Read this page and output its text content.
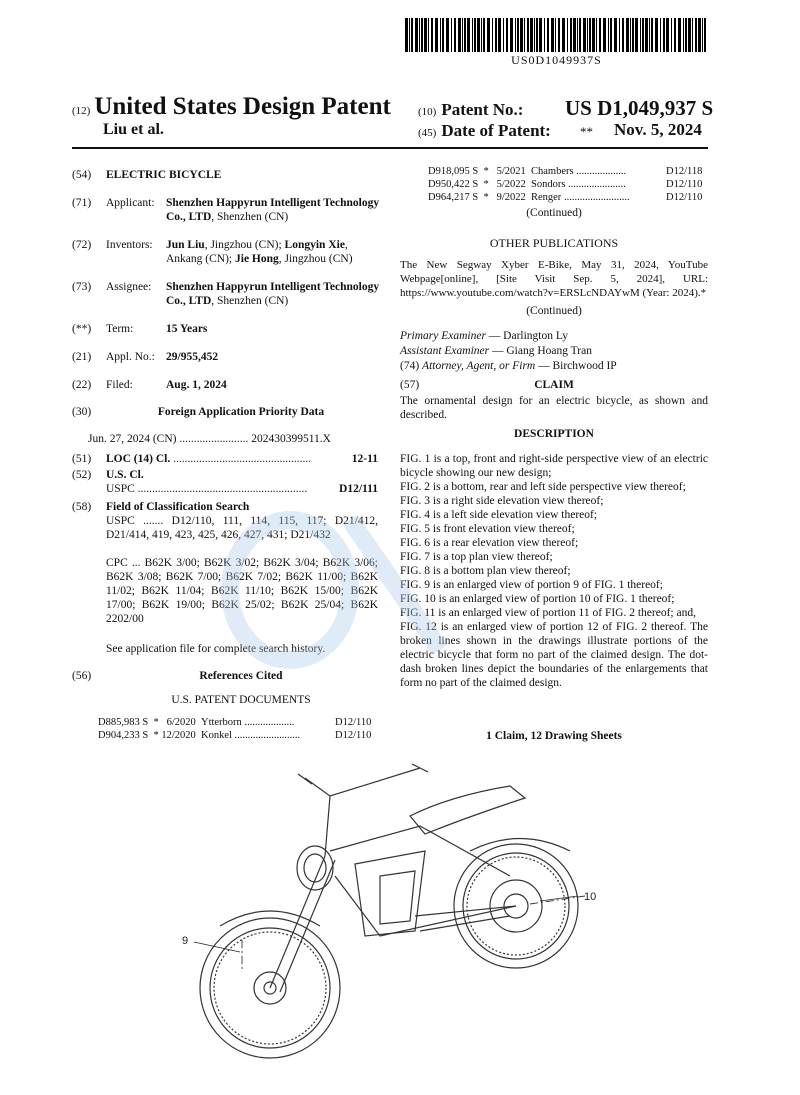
US0D1049937S
(12) United States Design Patent
Liu et al.
(10) Patent No.: US D1,049,937 S
(45) Date of Patent: ** Nov. 5, 2024
(54)	ELECTRIC BICYCLE
(71)	Applicant: Shenzhen Happyrun Intelligent Technology Co., LTD, Shenzhen (CN)
(72)	Inventors: Jun Liu, Jingzhou (CN); Longyin Xie, Ankang (CN); Jie Hong, Jingzhou (CN)
(73)	Assignee: Shenzhen Happyrun Intelligent Technology Co., LTD, Shenzhen (CN)
(**)	Term:	15 Years
(21)	Appl. No.: 29/955,452
(22)	Filed:	Aug. 1, 2024
(30)	Foreign Application Priority Data
Jun. 27, 2024 (CN) ........................ 202430399511.X
(51)	LOC (14) Cl. ................................................	12-11
(52)	U.S. Cl.
USPC ...........................................................	D12/111
(58)	Field of Classification Search
USPC ....... D12/110, 111, 114, 115, 117; D21/412, D21/414, 419, 423, 425, 426, 427, 431; D21/432
CPC ... B62K 3/00; B62K 3/02; B62K 3/04; B62K 3/06; B62K 3/08; B62K 7/00; B62K 7/02; B62K 11/00; B62K 11/02; B62K 11/04; B62K 11/10; B62K 15/00; B62K 17/00; B62K 19/00; B62K 25/02; B62K 25/04; B62K 2202/00
See application file for complete search history.
(56)	References Cited
U.S. PATENT DOCUMENTS
D885,983 S * 6/2020 Ytterborn ...................	D12/110
D904,233 S * 12/2020 Konkel .........................	D12/110
D918,095 S * 5/2021 Chambers ...................	D12/118
D950,422 S * 5/2022 Sondors ......................	D12/110
D964,217 S * 9/2022 Renger .........................	D12/110
(Continued)
OTHER PUBLICATIONS
The New Segway Xyber E-Bike, May 31, 2024, YouTube Webpage[online], [Site Visit Sep. 5, 2024], URL: https://www.youtube.com/watch?v=ERSLcNDAYwM (Year: 2024).*
(Continued)
Primary Examiner — Darlington Ly
Assistant Examiner — Giang Hoang Tran
(74) Attorney, Agent, or Firm — Birchwood IP
(57)	CLAIM
The ornamental design for an electric bicycle, as shown and described.
DESCRIPTION
FIG. 1 is a top, front and right-side perspective view of an electric bicycle showing our new design;
FIG. 2 is a bottom, rear and left side perspective view thereof;
FIG. 3 is a right side elevation view thereof;
FIG. 4 is a left side elevation view thereof;
FIG. 5 is front elevation view thereof;
FIG. 6 is a rear elevation view thereof;
FIG. 7 is a top plan view thereof;
FIG. 8 is a bottom plan view thereof;
FIG. 9 is an enlarged view of portion 9 of FIG. 1 thereof;
FIG. 10 is an enlarged view of portion 10 of FIG. 1 thereof;
FIG. 11 is an enlarged view of portion 11 of FIG. 2 thereof; and,
FIG. 12 is an enlarged view of portion 12 of FIG. 2 thereof. The broken lines shown in the drawings illustrate portions of the electric bicycle that form no part of the claimed design. The dot-dash broken lines depict the boundaries of the enlargements that form no part of the claimed design.
1 Claim, 12 Drawing Sheets
9
10
